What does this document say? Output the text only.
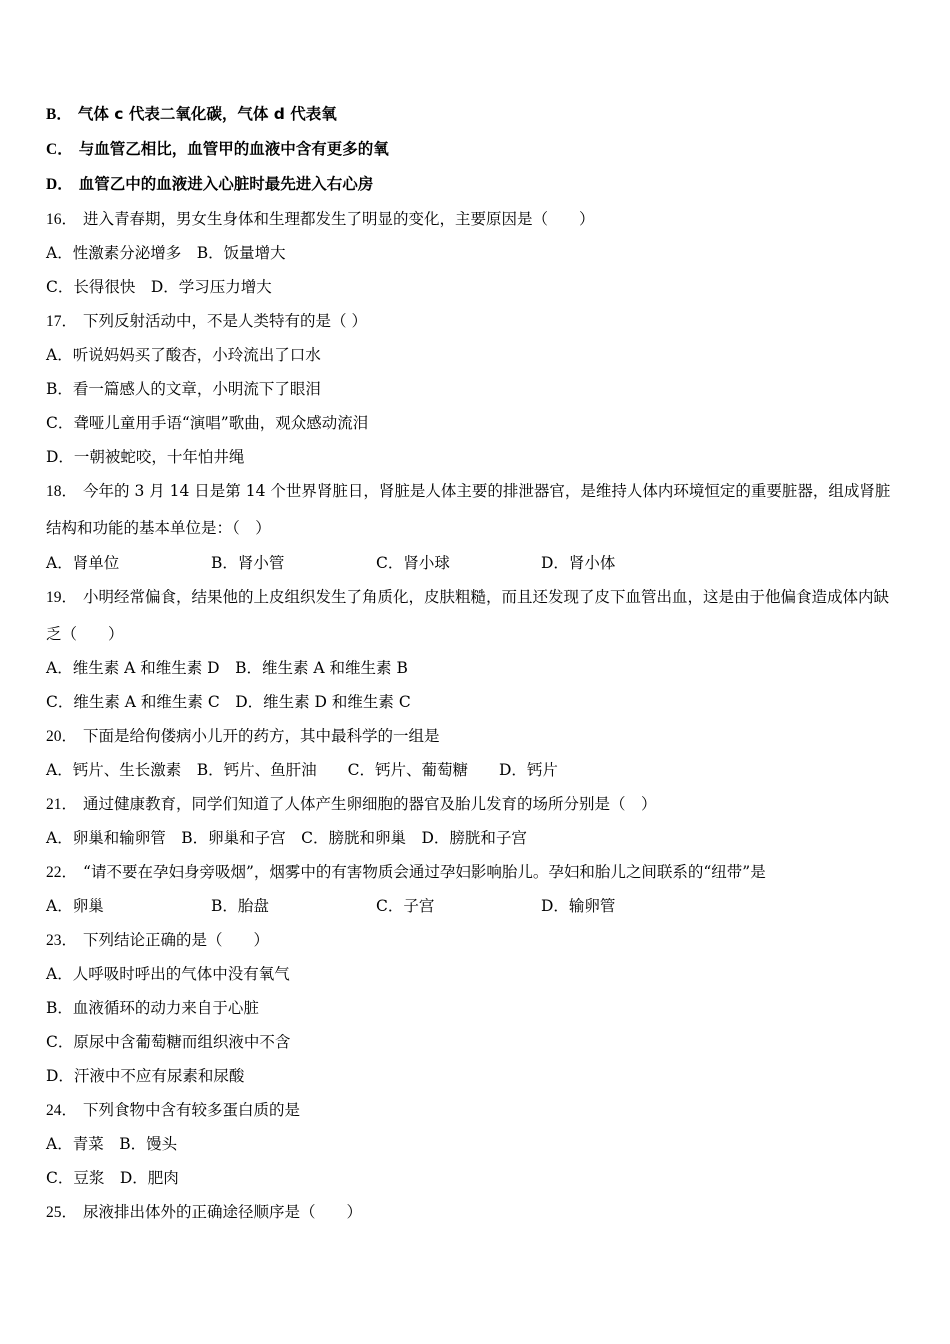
B． 气体 c 代表二氧化碳，气体 d 代表氧
C． 与血管乙相比，血管甲的血液中含有更多的氧
D． 血管乙中的血液进入心脏时最先进入右心房
16． 进入青春期，男女生身体和生理都发生了明显的变化，主要原因是（　　）
A．性激素分泌增多　B．饭量增大
C．长得很快　D．学习压力增大
17． 下列反射活动中，不是人类特有的是（ ）
A．听说妈妈买了酸杏，小玲流出了口水
B．看一篇感人的文章，小明流下了眼泪
C．聋哑儿童用手语“演唱”歌曲，观众感动流泪
D．一朝被蛇咬，十年怕井绳
18． 今年的 3 月 14 日是第 14 个世界肾脏日，肾脏是人体主要的排泄器官，是维持人体内环境恒定的重要脏器，组成肾脏结构和功能的基本单位是：（　）
A．肾单位	B．肾小管	C．肾小球	D．肾小体
19． 小明经常偏食，结果他的上皮组织发生了角质化，皮肤粗糙，而且还发现了皮下血管出血，这是由于他偏食造成体内缺乏（　　）
A．维生素 A 和维生素 D　B．维生素 A 和维生素 B
C．维生素 A 和维生素 C　D．维生素 D 和维生素 C
20． 下面是给佝偻病小儿开的药方，其中最科学的一组是
A．钙片、生长激素　B．钙片、鱼肝油　　C．钙片、葡萄糖　　D．钙片
21． 通过健康教育，同学们知道了人体产生卵细胞的器官及胎儿发育的场所分别是（　）
A．卵巢和输卵管　B．卵巢和子宫　C．膀胱和卵巢　D．膀胱和子宫
22． “请不要在孕妇身旁吸烟”，烟雾中的有害物质会通过孕妇影响胎儿。孕妇和胎儿之间联系的“纽带”是
A．卵巢	B．胎盘	C．子宫	D．输卵管
23． 下列结论正确的是（　　）
A．人呼吸时呼出的气体中没有氧气
B．血液循环的动力来自于心脏
C．原尿中含葡萄糖而组织液中不含
D．汗液中不应有尿素和尿酸
24． 下列食物中含有较多蛋白质的是
A．青菜　B．馒头
C．豆浆　D．肥肉
25． 尿液排出体外的正确途径顺序是（　　）
